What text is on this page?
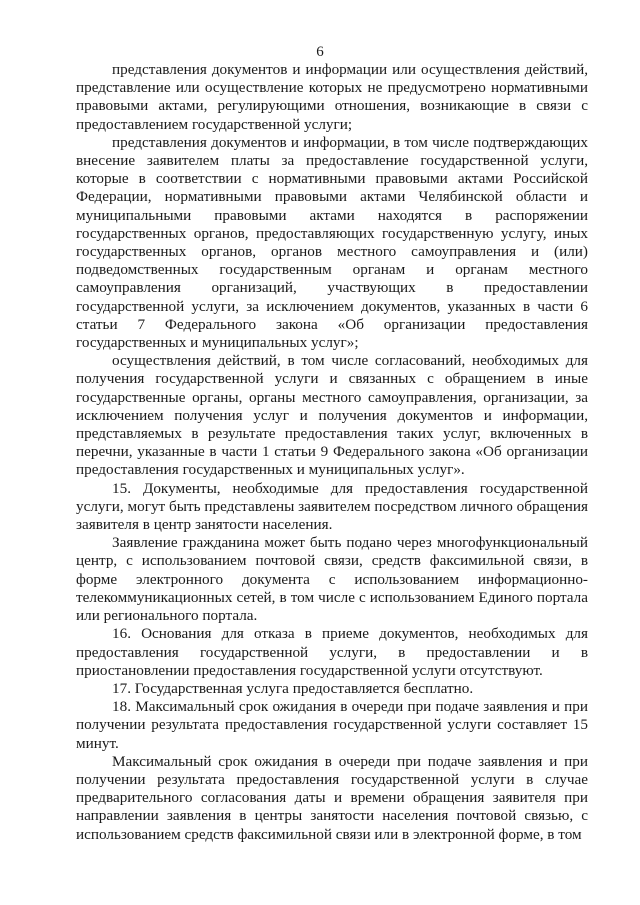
6

представления документов и информации или осуществления действий, представление или осуществление которых не предусмотрено нормативными правовыми актами, регулирующими отношения, возникающие в связи с предоставлением государственной услуги;

представления документов и информации, в том числе подтверждающих внесение заявителем платы за предоставление государственной услуги, которые в соответствии с нормативными правовыми актами Российской Федерации, нормативными правовыми актами Челябинской области и муниципальными правовыми актами находятся в распоряжении государственных органов, предоставляющих государственную услугу, иных государственных органов, органов местного самоуправления и (или) подведомственных государственным органам и органам местного самоуправления организаций, участвующих в предоставлении государственной услуги, за исключением документов, указанных в части 6 статьи 7 Федерального закона «Об организации предоставления государственных и муниципальных услуг»;

осуществления действий, в том числе согласований, необходимых для получения государственной услуги и связанных с обращением в иные государственные органы, органы местного самоуправления, организации, за исключением получения услуг и получения документов и информации, представляемых в результате предоставления таких услуг, включенных в перечни, указанные в части 1 статьи 9 Федерального закона «Об организации предоставления государственных и муниципальных услуг».

15. Документы, необходимые для предоставления государственной услуги, могут быть представлены заявителем посредством личного обращения заявителя в центр занятости населения.

Заявление гражданина может быть подано через многофункциональный центр, с использованием почтовой связи, средств факсимильной связи, в форме электронного документа с использованием информационно-телекоммуникационных сетей, в том числе с использованием Единого портала или регионального портала.

16. Основания для отказа в приеме документов, необходимых для предоставления государственной услуги, в предоставлении и в приостановлении предоставления государственной услуги отсутствуют.

17. Государственная услуга предоставляется бесплатно.

18. Максимальный срок ожидания в очереди при подаче заявления и при получении результата предоставления государственной услуги составляет 15 минут.

Максимальный срок ожидания в очереди при подаче заявления и при получении результата предоставления государственной услуги в случае предварительного согласования даты и времени обращения заявителя при направлении заявления в центры занятости населения почтовой связью, с использованием средств факсимильной связи или в электронной форме, в том
